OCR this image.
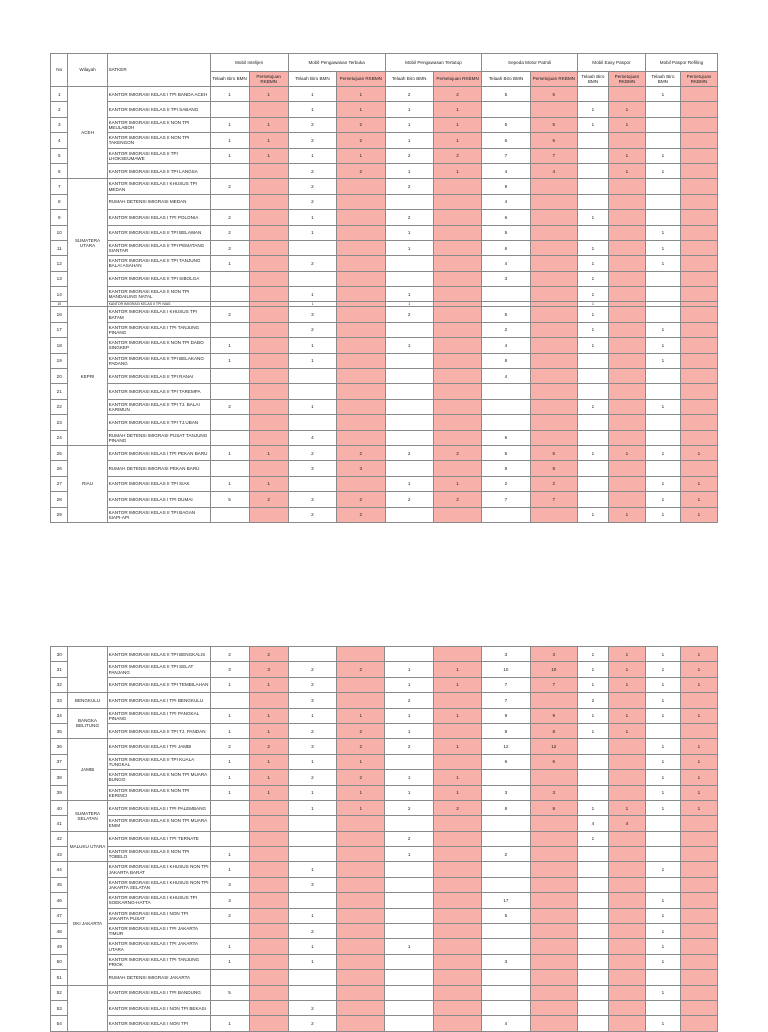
No	Wilayah	SATKER	Mobil Intelijen		Mobil Pengawasan Terbuka		Mobil Pengawasan Tertutup		Sepeda Motor Patroli		Mobil Easy Paspor		Mobil Paspor Refiling	
			Telaah Biro BMN	Persetujuan RKBMN	Telaah Biro BMN	Persetujuan RKBMN	Telaah Biro BMN	Persetujuan RKBMN	Telaah Biro BMN	Persetujuan RKBMN	Telaah Biro BMN	Persetujuan RKBMN	Telaah Biro BMN	Persetujuan RKBMN
1	ACEH	KANTOR IMIGRASI KELAS I TPI BANDA ACEH	1	1	1	1	2	2	5	5			1	
2		KANTOR IMIGRASI KELAS II TPI SABANG			1	1	1	1			1	1		
3		KANTOR IMIGRASI KELAS II NON TPI MEULABOH	1	1	2	2	1	1	5	5	1	1		
4		KANTOR IMIGRASI KELAS II NON TPI TAKENGON	1	1	2	2	1	1	6	6				
5		KANTOR IMIGRASI KELAS II TPI LHOKSEUMAWE	1	1	1	1	2	2	7	7		1	1	
6		KANTOR IMIGRASI KELAS II TPI LANGSA			2	2	1	1	4	4		1	1	
7	SUMATERA UTARA	KANTOR IMIGRASI KELAS I KHUSUS TPI MEDAN	2		2		2		9					
8		RUMAH DETENSI IMIGRASI MEDAN			2				4					
9		KANTOR IMIGRASI KELAS I TPI POLONIA	2		1		2		6		1			
10		KANTOR IMIGRASI KELAS II TPI BELAWAN	2		1		1		5				1	
11		KANTOR IMIGRASI KELAS II TPI PEMATANG SIANTAR	3				1		6		1		1	
12		KANTOR IMIGRASI KELAS II TPI TANJUNG BALAI ASAHAN	1		2				4		1		1	
13		KANTOR IMIGRASI KELAS II TPI SIBOLGA							3		1			
14		KANTOR IMIGRASI KELAS II NON TPI MANDAILING NATAL			1		1				1			
15		KANTOR IMIGRASI KELAS II TPI NIAS			1		1				1			
16	KEPRI	KANTOR IMIGRASI KELAS I KHUSUS TPI BATAM	2		3		2		5		1			
17		KANTOR IMIGRASI KELAS I TPI TANJUNG PINANG			2				2		1		1	
18		KANTOR IMIGRASI KELAS II NON TPI DABO SINGKEP	1		1		1		4		1		1	
19		KANTOR IMIGRASI KELAS II TPI BELAKANG PADANG	1		1				8				1	
20		KANTOR IMIGRASI KELAS II TPI RANAI							4					
21		KANTOR IMIGRASI KELAS II TPI TAREMPA												

22		KANTOR IMIGRASI KELAS II TPI TJ. BALAI KARIMUN	2		1						1		1	
23		KANTOR IMIGRASI KELAS II TPI TJ.UBAN												

24		RUMAH DETENSI IMIGRASI PUSAT TANJUNG PINANG			4				6					
25	RIAU	KANTOR IMIGRASI KELAS I TPI PEKAN BARU	1	1	2	2	2	2	5	5	1	1	1	1
26		RUMAH DETENSI IMIGRASI PEKAN BARU			3	3			8	8				
27		KANTOR IMIGRASI KELAS II TPI SIAK	1	1			1	1	2	2			1	1
28		KANTOR IMIGRASI KELAS I TPI DUMAI	5	2	3	2	2	2	7	7			1	1
29		KANTOR IMIGRASI KELAS II TPI BAGAN SIAPI-API			2	2					1	1	1	1
30		KANTOR IMIGRASI KELAS II TPI BENGKALIS	2	2					3	3	1	1	1	1
31		KANTOR IMIGRASI KELAS II TPI SELAT PANJANG	3	3	2	2	1	1	10	10	1	1	1	1
32		KANTOR IMIGRASI KELAS II TPI TEMBILAHAN	1	1	2		1	1	7	7	1	1	1	1
33	BENGKULU	KANTOR IMIGRASI KELAS I TPI BENGKULU			3		2		7		2		1	
34	BANGKA BELITUNG	KANTOR IMIGRASI KELAS I TPI PANGKAL PINANG	1	1	1	1	1	1	9	9	1	1	1	1
35		KANTOR IMIGRASI KELAS II TPI TJ. PANDAN	1	1	2	2	1		8	8	1	1		
36	JAMBI	KANTOR IMIGRASI KELAS I TPI JAMBI	2	2	3	2	2	1	12	12			1	1
37		KANTOR IMIGRASI KELAS II TPI KUALA TUNGKAL	1	1	1	1			6	6			1	1
38		KANTOR IMIGRASI KELAS II NON TPI MUARA BUNGO	1	1	2	2	1	1					1	1
39		KANTOR IMIGRASI KELAS II NON TPI KERINCI	1	1	1	1	1	1	3	3			1	1
40	SUMATERA SELATAN	KANTOR IMIGRASI KELAS I TPI PALEMBANG			1	1	2	2	8	8	1	1	1	1
41		KANTOR IMIGRASI KELAS II NON TPI MUARA ENIM									4	4		
42	MALUKU UTARA	KANTOR IMIGRASI KELAS I TPI TERNATE					2				1			
43		KANTOR IMIGRASI KELAS II NON TPI TOBELO	1				1		2					
44	DKI JAKARTA	KANTOR IMIGRASI KELAS I KHUSUS NON TPI JAKARTA BARAT	1		1								1	
45		KANTOR IMIGRASI KELAS I KHUSUS NON TPI JAKARTA SELATAN	3		3									
46		KANTOR IMIGRASI KELAS I KHUSUS TPI SOEKARNO-HATTA	3						17				1	
47		KANTOR IMIGRASI KELAS I NON TPI JAKARTA PUSAT	2		1				5				1	
48		KANTOR IMIGRASI KELAS I TPI JAKARTA TIMUR			2								1	
49		KANTOR IMIGRASI KELAS I TPI JAKARTA UTARA	1		1		1						1	
50		KANTOR IMIGRASI KELAS I TPI TANJUNG PRIOK	1		1				3				1	
51		RUMAH DETENSI IMIGRASI JAKARTA												

52		KANTOR IMIGRASI KELAS I TPI BANDUNG	5										1	
53		KANTOR IMIGRASI KELAS I NON TPI BEKASI			2									
54		KANTOR IMIGRASI KELAS I NON TPI	1		2				4				1	
